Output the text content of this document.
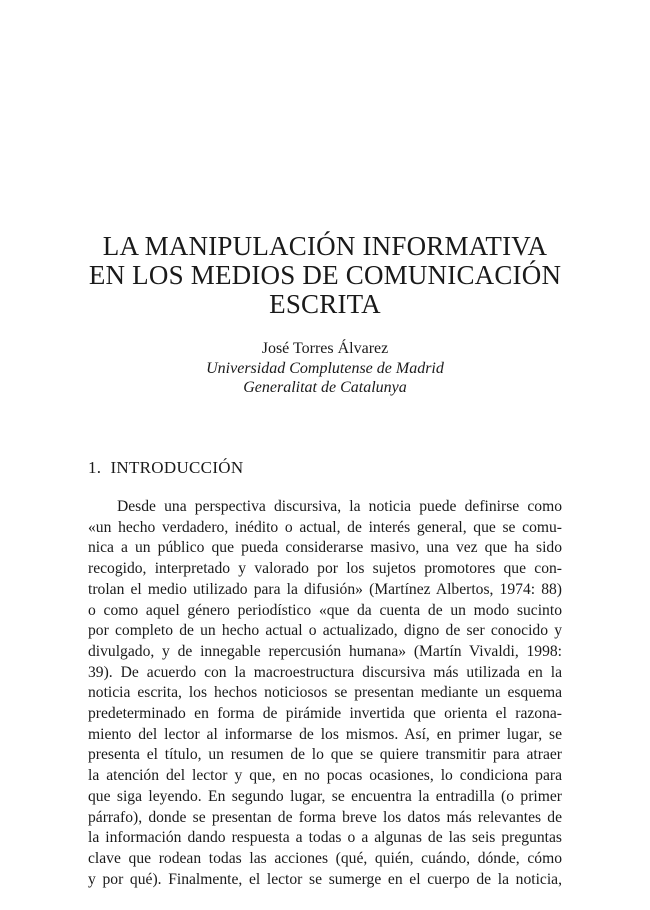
LA MANIPULACIÓN INFORMATIVA
EN LOS MEDIOS DE COMUNICACIÓN
ESCRITA
José Torres Álvarez
Universidad Complutense de Madrid
Generalitat de Catalunya
1.  INTRODUCCIÓN
Desde una perspectiva discursiva, la noticia puede definirse como
«un hecho verdadero, inédito o actual, de interés general, que se comu-
nica a un público que pueda considerarse masivo, una vez que ha sido
recogido, interpretado y valorado por los sujetos promotores que con-
trolan el medio utilizado para la difusión» (Martínez Albertos, 1974: 88)
o como aquel género periodístico «que da cuenta de un modo sucinto
por completo de un hecho actual o actualizado, digno de ser conocido y
divulgado, y de innegable repercusión humana» (Martín Vivaldi, 1998:
39). De acuerdo con la macroestructura discursiva más utilizada en la
noticia escrita, los hechos noticiosos se presentan mediante un esquema
predeterminado en forma de pirámide invertida que orienta el razona-
miento del lector al informarse de los mismos. Así, en primer lugar, se
presenta el título, un resumen de lo que se quiere transmitir para atraer
la atención del lector y que, en no pocas ocasiones, lo condiciona para
que siga leyendo. En segundo lugar, se encuentra la entradilla (o primer
párrafo), donde se presentan de forma breve los datos más relevantes de
la información dando respuesta a todas o a algunas de las seis preguntas
clave que rodean todas las acciones (qué, quién, cuándo, dónde, cómo
y por qué). Finalmente, el lector se sumerge en el cuerpo de la noticia,
